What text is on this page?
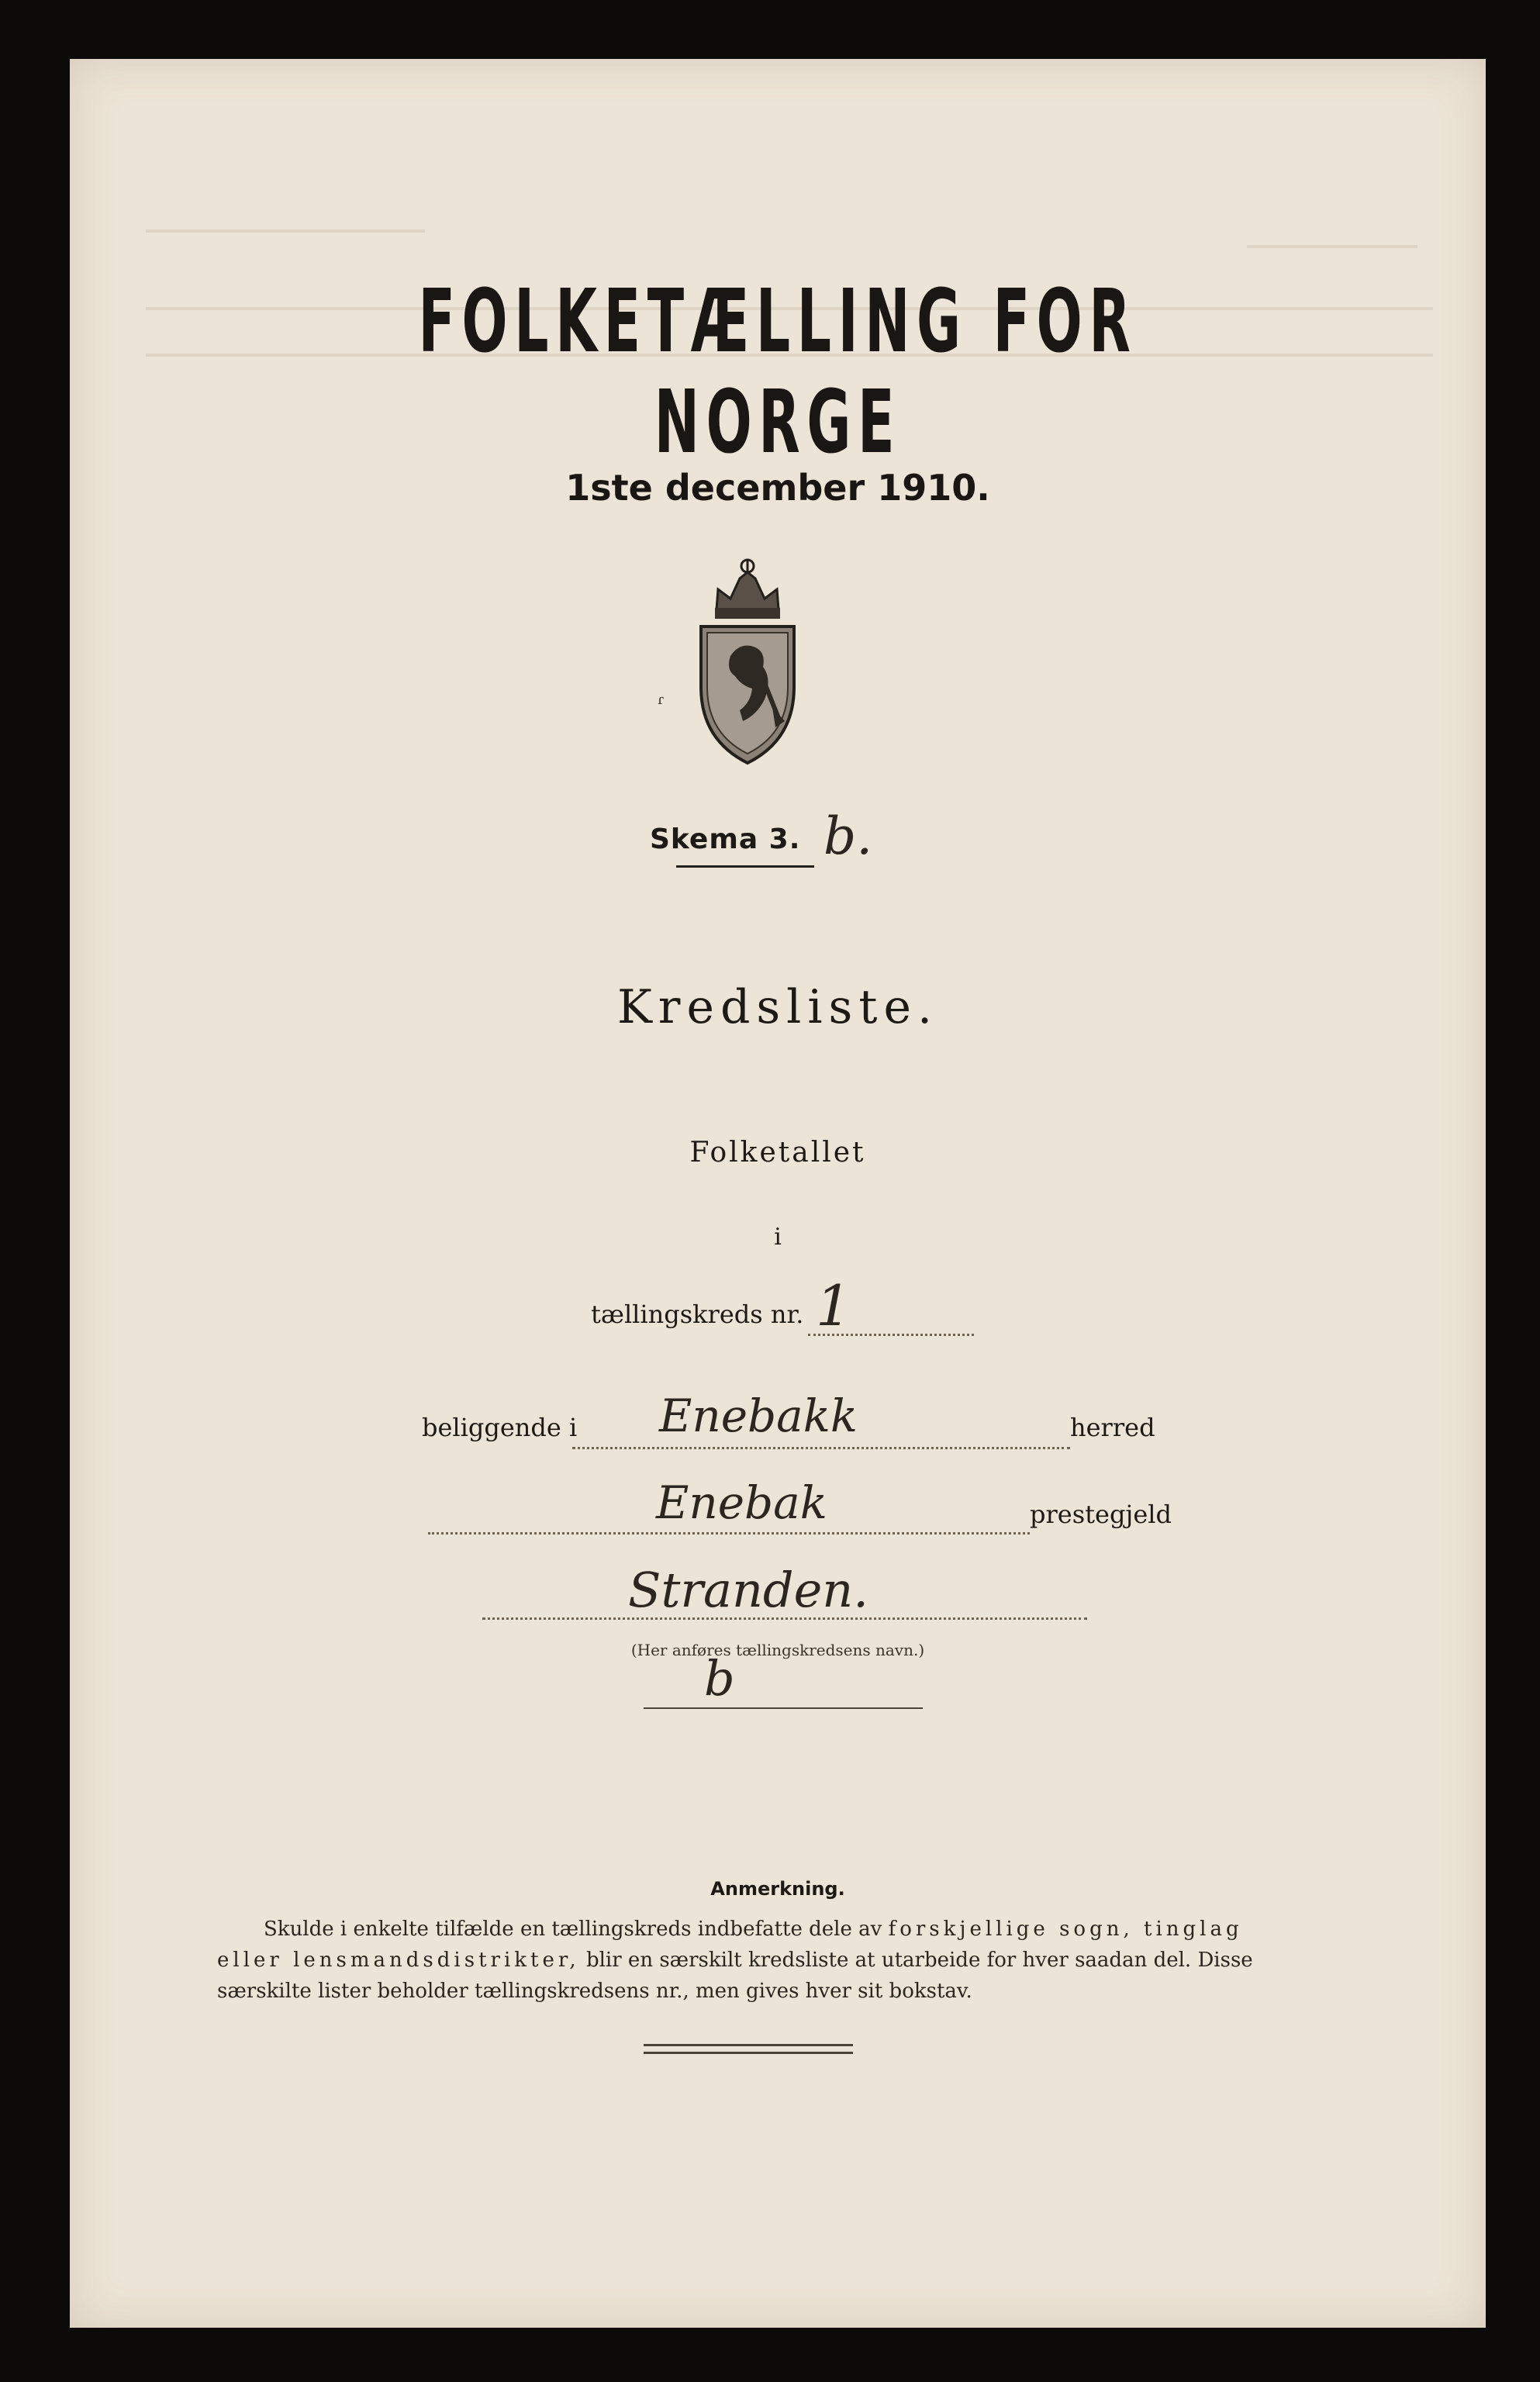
FOLKETÆLLING FOR NORGE
1ste december 1910.
ɾ
Skema 3. b.
Kredsliste.
Folketallet
i
tællingskreds nr. 1
beliggende i Enebakk	herred
Enebak	prestegjeld
Stranden.
(Her anføres tællingskredsens navn.)
b
Anmerkning.
Skulde i enkelte tilfælde en tællingskreds indbefatte dele av forskjellige sogn, tinglag
eller lensmandsdistrikter, blir en særskilt kredsliste at utarbeide for hver saadan del. Disse
særskilte lister beholder tællingskredsens nr., men gives hver sit bokstav.
